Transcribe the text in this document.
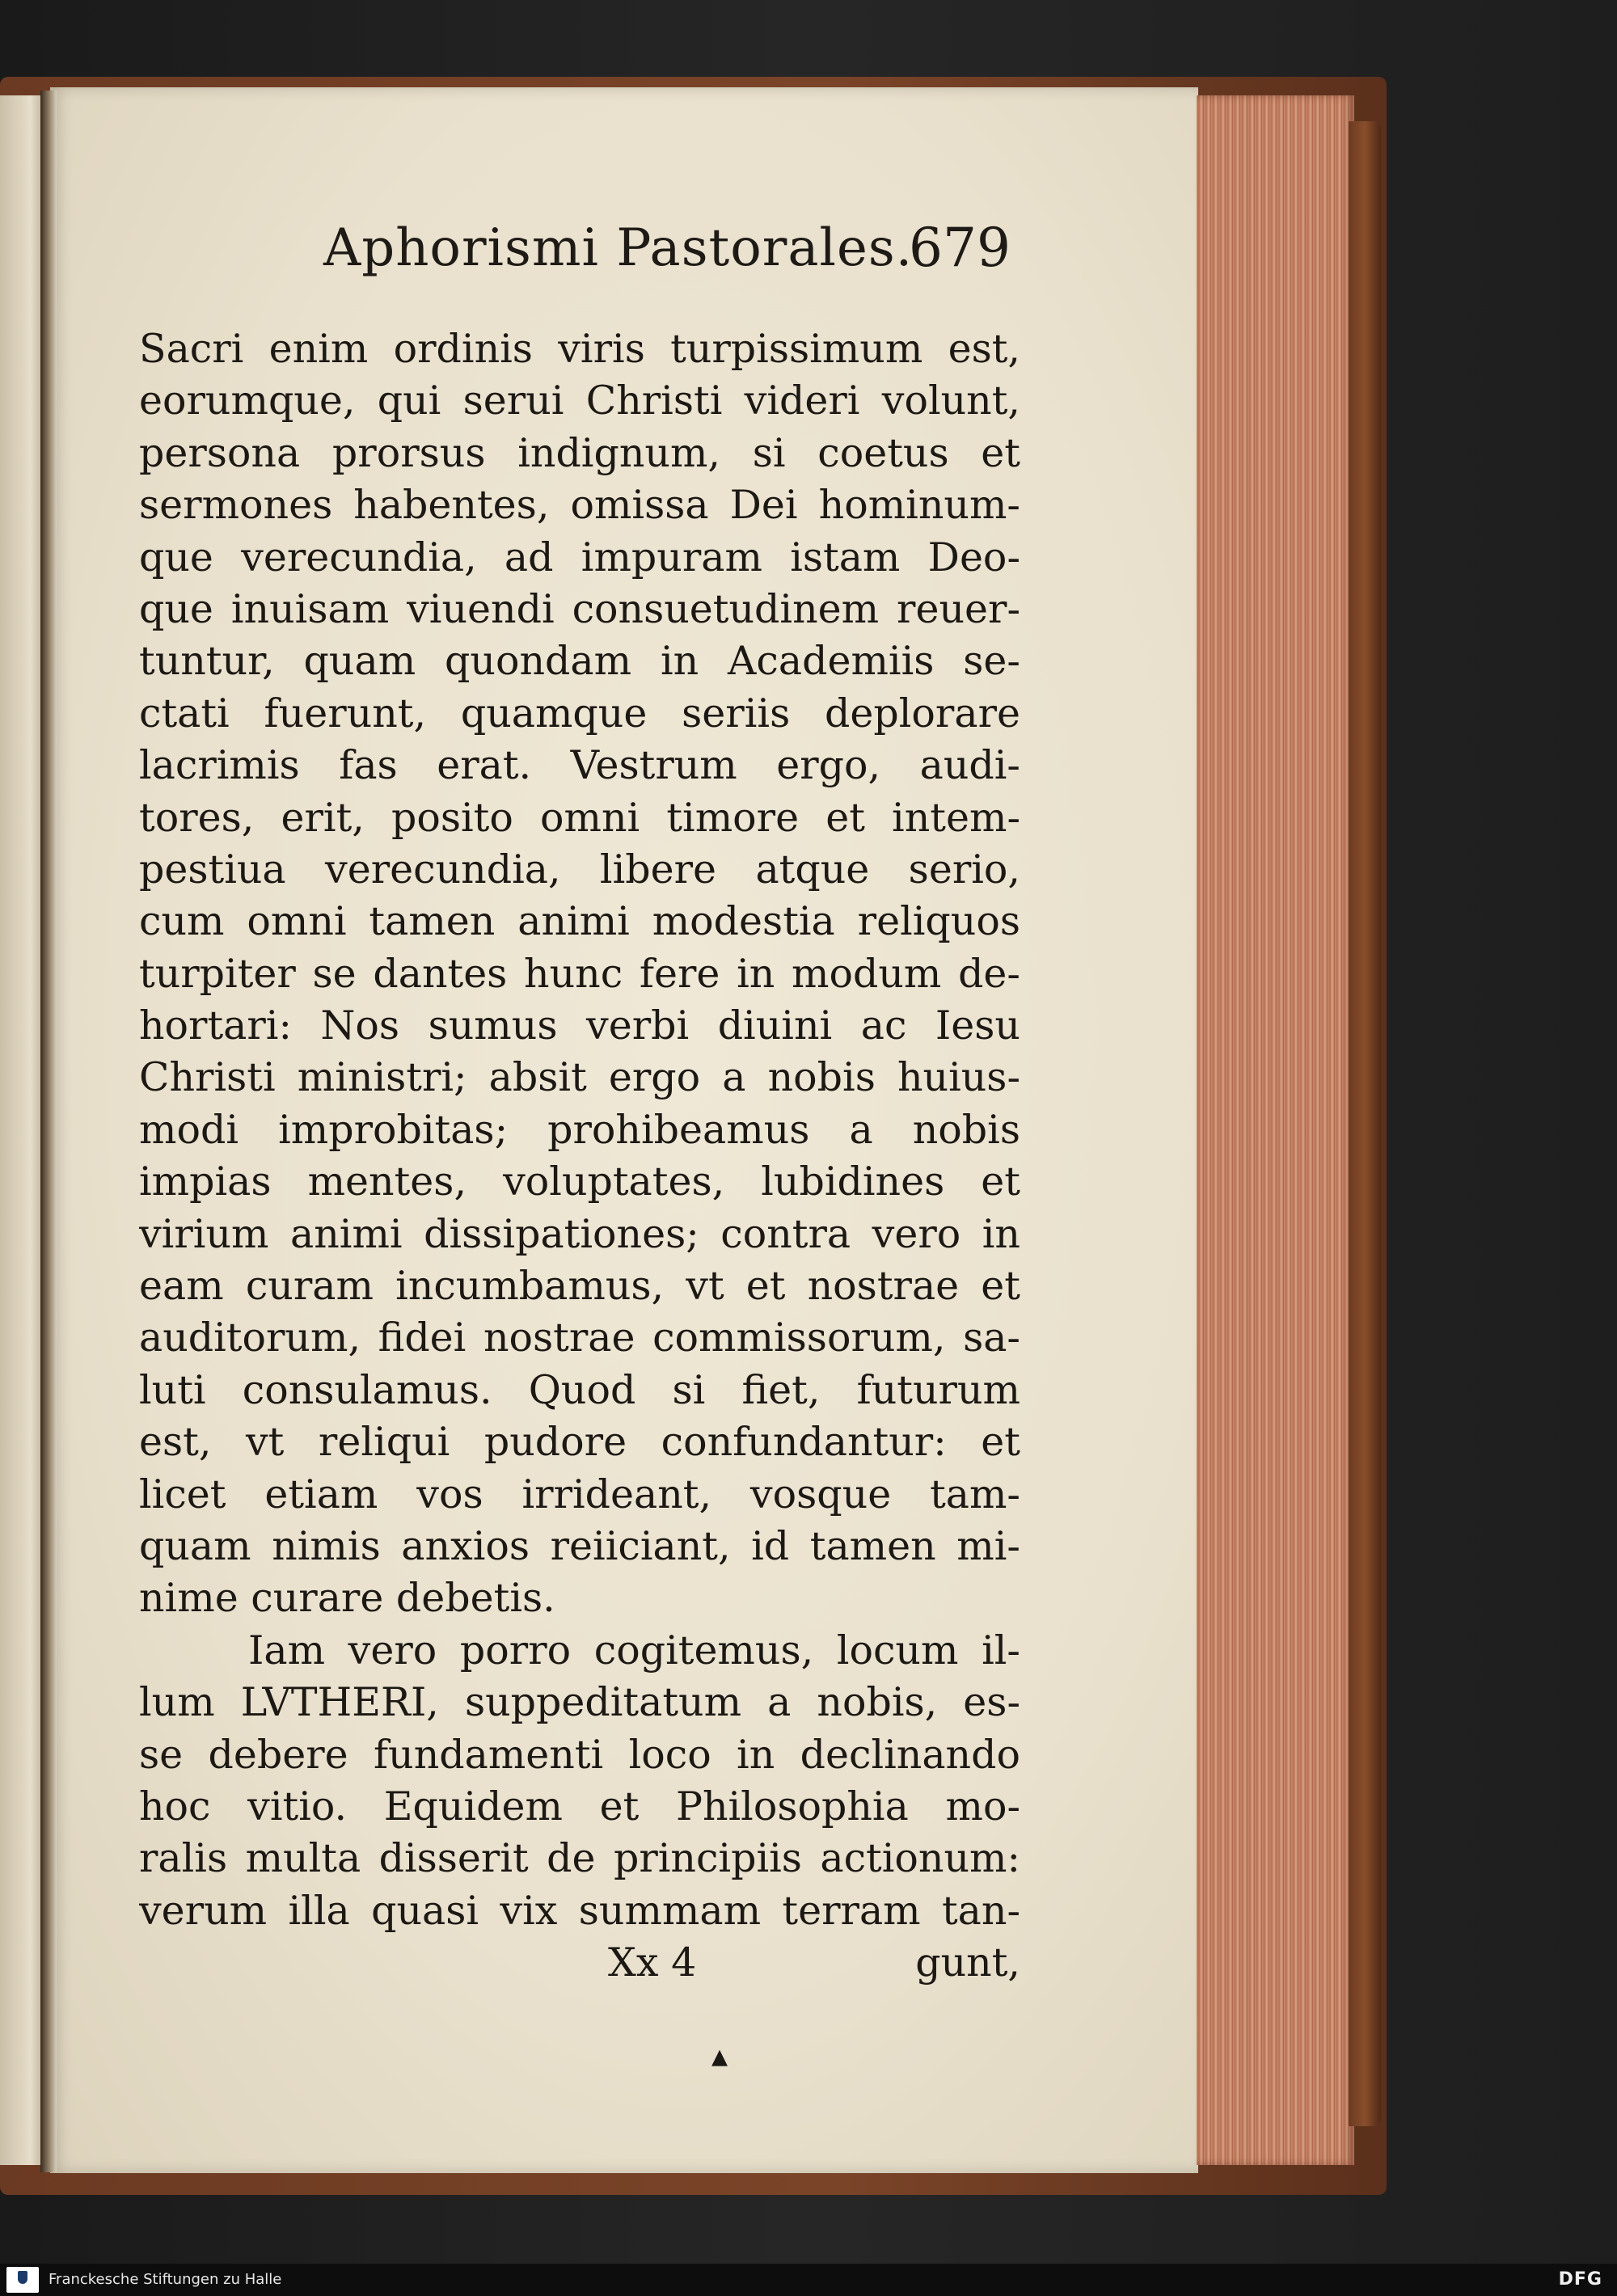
Aphorismi Pastorales.
679
Sacri enim ordinis viris turpissimum est,
eorumque, qui serui Christi videri volunt,
persona prorsus indignum, si coetus et
sermones habentes, omissa Dei hominum-
que verecundia, ad impuram istam Deo-
que inuisam viuendi consuetudinem reuer-
tuntur, quam quondam in Academiis se-
ctati fuerunt, quamque seriis deplorare
lacrimis fas erat. Vestrum ergo, audi-
tores, erit, posito omni timore et intem-
pestiua verecundia, libere atque serio,
cum omni tamen animi modestia reliquos
turpiter se dantes hunc fere in modum de-
hortari: Nos sumus verbi diuini ac Iesu
Christi ministri; absit ergo a nobis huius-
modi improbitas; prohibeamus a nobis
impias mentes, voluptates, lubidines et
virium animi dissipationes; contra vero in
eam curam incumbamus, vt et nostrae et
auditorum, fidei nostrae commissorum, sa-
luti consulamus. Quod si fiet, futurum
est, vt reliqui pudore confundantur: et
licet etiam vos irrideant, vosque tam-
quam nimis anxios reiiciant, id tamen mi-
nime curare debetis.
Iam vero porro cogitemus, locum il-
lum LVTHERI, suppeditatum a nobis, es-
se debere fundamenti loco in declinando
hoc vitio. Equidem et Philosophia mo-
ralis multa disserit de principiis actionum:
verum illa quasi vix summam terram tan-
Xx 4	gunt,
▴
Franckesche Stiftungen zu Halle	DFG
